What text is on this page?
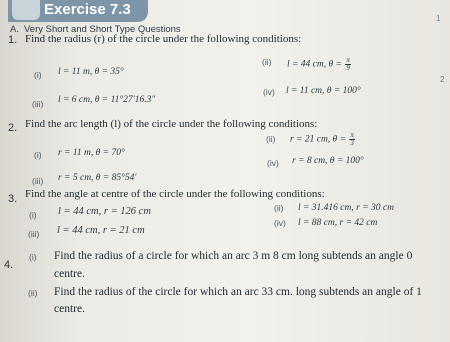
Exercise 7.3
A. Very Short and Short Type Questions
1. Find the radius (r) of the circle under the following conditions:
(i) l = 11 m, θ = 35°
(ii) l = 44 cm, $\theta = \frac{\pi}{9}$
(iii) l = 6 cm, θ = 11°27′16.3″
(iv) l = 11 cm, θ = 100°
2. Find the arc length (l) of the circle under the following conditions:
(i) r = 11 m, θ = 70°
(ii) r = 21 cm, $\theta = \frac{\pi}{3}$
(iii) r = 5 cm, θ = 85°54′
(iv) r = 8 cm, θ = 100°
3. Find the angle at centre of the circle under the following conditions:
(i) l = 44 cm, r = 126 cm	(ii) l = 31.416 cm, r = 30 cm
(iii) l = 44 cm, r = 21 cm
(iv) l = 88 cm, r = 42 cm
4.
(i) Find the radius of a circle for which an arc 3 m 8 cm long subtends an angle 0
centre.
(ii) Find the radius of the circle for which an arc 33 cm. long subtends an angle of 1
centre.
1
2
